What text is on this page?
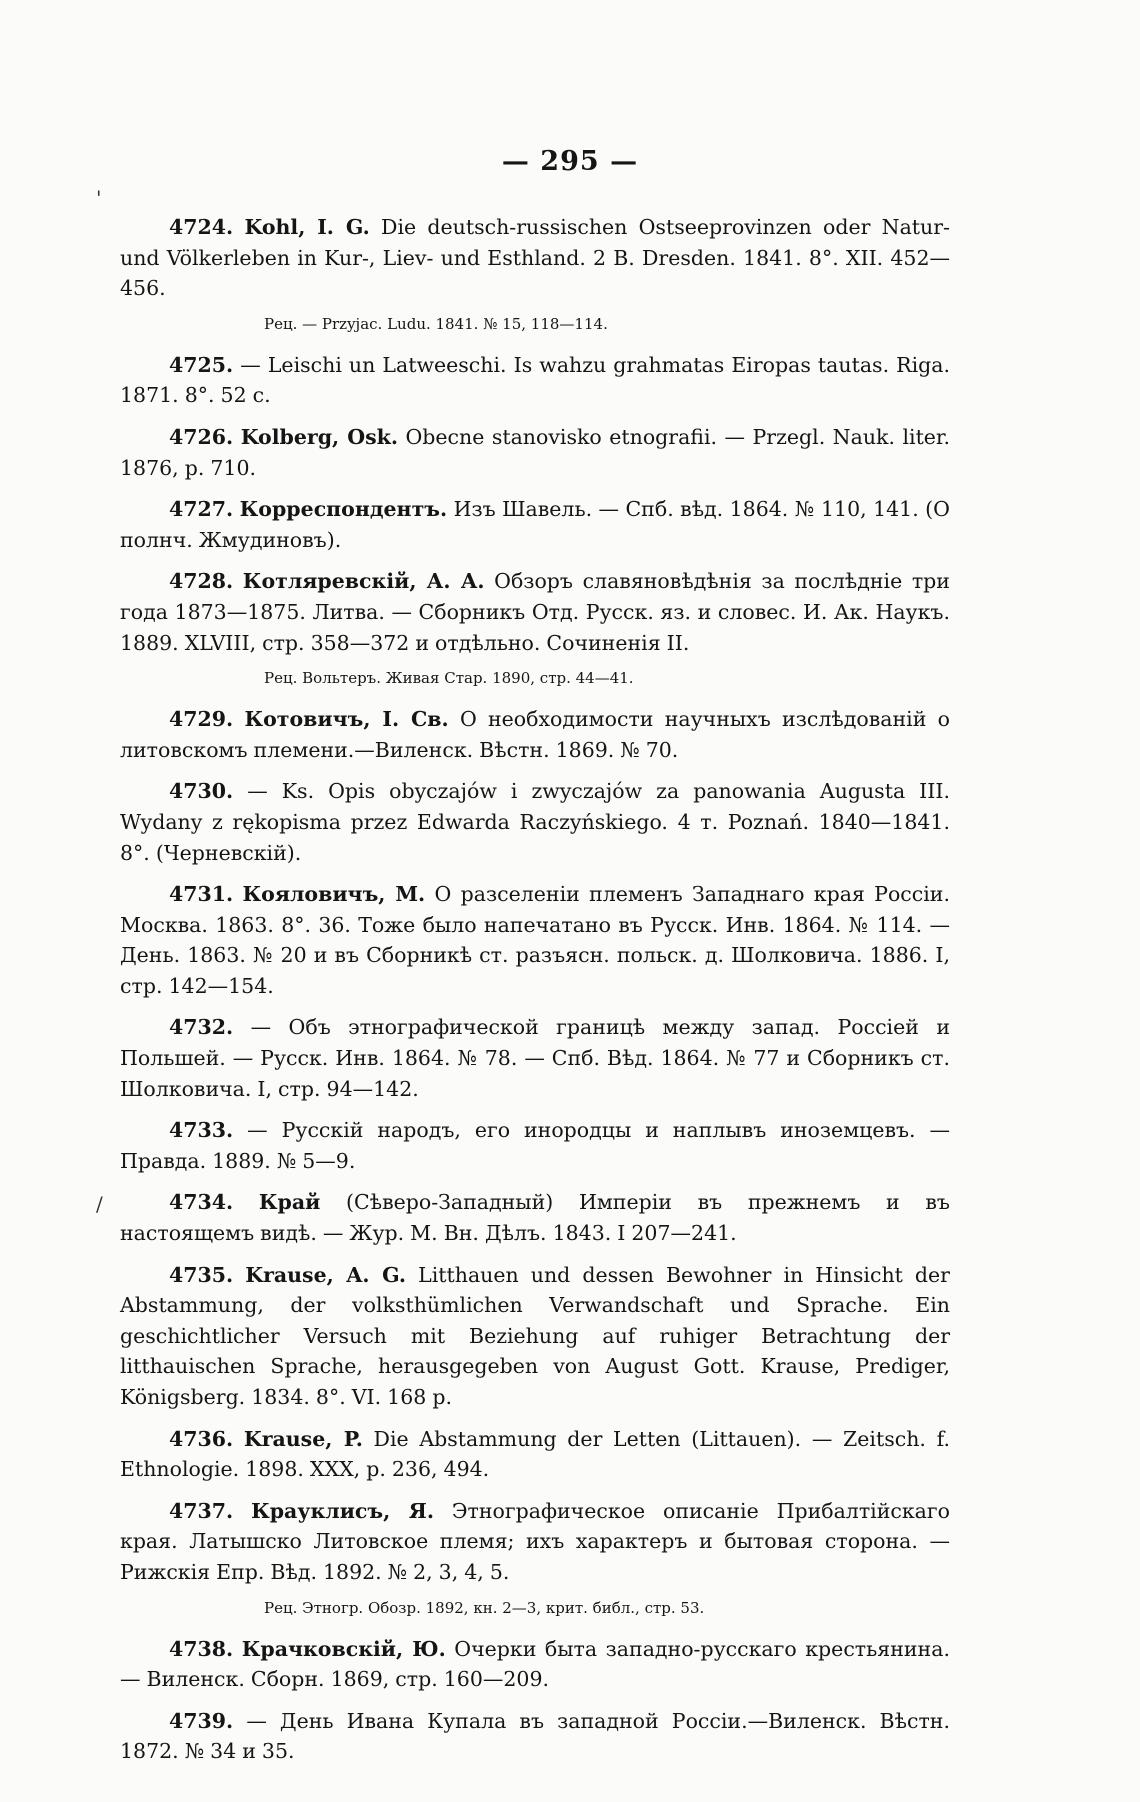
— 295 —
'
/

4724. Kohl, I. G. Die deutsch-russischen Ostseeprovinzen oder Natur- und Völkerleben in Kur-, Liev- und Esthland. 2 B. Dresden. 1841. 8°. XII. 452—456.

Рец. — Przyjac. Ludu. 1841. № 15, 118—114.

4725. — Leischi un Latweeschi. Is wahzu grahmatas Eiropas tautas. Riga. 1871. 8°. 52 c.

4726. Kolberg, Osk. Obecne stanovisko etnografii. — Przegl. Nauk. liter. 1876, p. 710.

4727. Корреспондентъ. Изъ Шавель. — Спб. вѣд. 1864. № 110, 141. (О полнч. Жмудиновъ).

4728. Котляревскій, А. А. Обзоръ славяновѣдѣнія за послѣдніе три года 1873—1875. Литва. — Сборникъ Отд. Русск. яз. и словес. И. Ак. Наукъ. 1889. XLVIII, стр. 358—372 и отдѣльно. Сочиненія II.

Рец. Вольтеръ. Живая Стар. 1890, стр. 44—41.

4729. Котовичъ, І. Св. О необходимости научныхъ изслѣдованій о литовскомъ племени.—Виленск. Вѣстн. 1869. № 70.

4730. — Ks. Opis obyczajów i zwyczajów za panowania Augusta III. Wydany z rękopisma przez Edwarda Raczyńskiego. 4 т. Poznań. 1840—1841. 8°. (Черневскій).

4731. Кояловичъ, М. О разселеніи племенъ Западнаго края Россіи. Москва. 1863. 8°. 36. Тоже было напечатано въ Русск. Инв. 1864. № 114. — День. 1863. № 20 и въ Сборникѣ ст. разъясн. польск. д. Шолковича. 1886. I, стр. 142—154.

4732. — Объ этнографической границѣ между запад. Россіей и Польшей. — Русск. Инв. 1864. № 78. — Спб. Вѣд. 1864. № 77 и Сборникъ ст. Шолковича. I, стр. 94—142.

4733. — Русскій народъ, его инородцы и наплывъ иноземцевъ. — Правда. 1889. № 5—9.

4734. Край (Сѣверо-Западный) Имперіи въ прежнемъ и въ настоящемъ видѣ. — Жур. М. Вн. Дѣлъ. 1843. I 207—241.

4735. Krause, A. G. Litthauen und dessen Bewohner in Hinsicht der Abstammung, der volksthümlichen Verwandschaft und Sprache. Ein geschichtlicher Versuch mit Beziehung auf ruhiger Betrachtung der litthauischen Sprache, herausgegeben von August Gott. Krause, Prediger, Königsberg. 1834. 8°. VI. 168 p.

4736. Krause, P. Die Abstammung der Letten (Littauen). — Zeitsch. f. Ethnologie. 1898. XXX, p. 236, 494.

4737. Крауклисъ, Я. Этнографическое описаніе Прибалтійскаго края. Латышско Литовское племя; ихъ характеръ и бытовая сторона. — Рижскія Епр. Вѣд. 1892. № 2, 3, 4, 5.

Рец. Этногр. Обозр. 1892, кн. 2—3, крит. библ., стр. 53.

4738. Крачковскій, Ю. Очерки быта западно-русскаго крестьянина. — Виленск. Сборн. 1869, стр. 160—209.

4739. — День Ивана Купала въ западной Россіи.—Виленск. Вѣстн. 1872. № 34 и 35.
